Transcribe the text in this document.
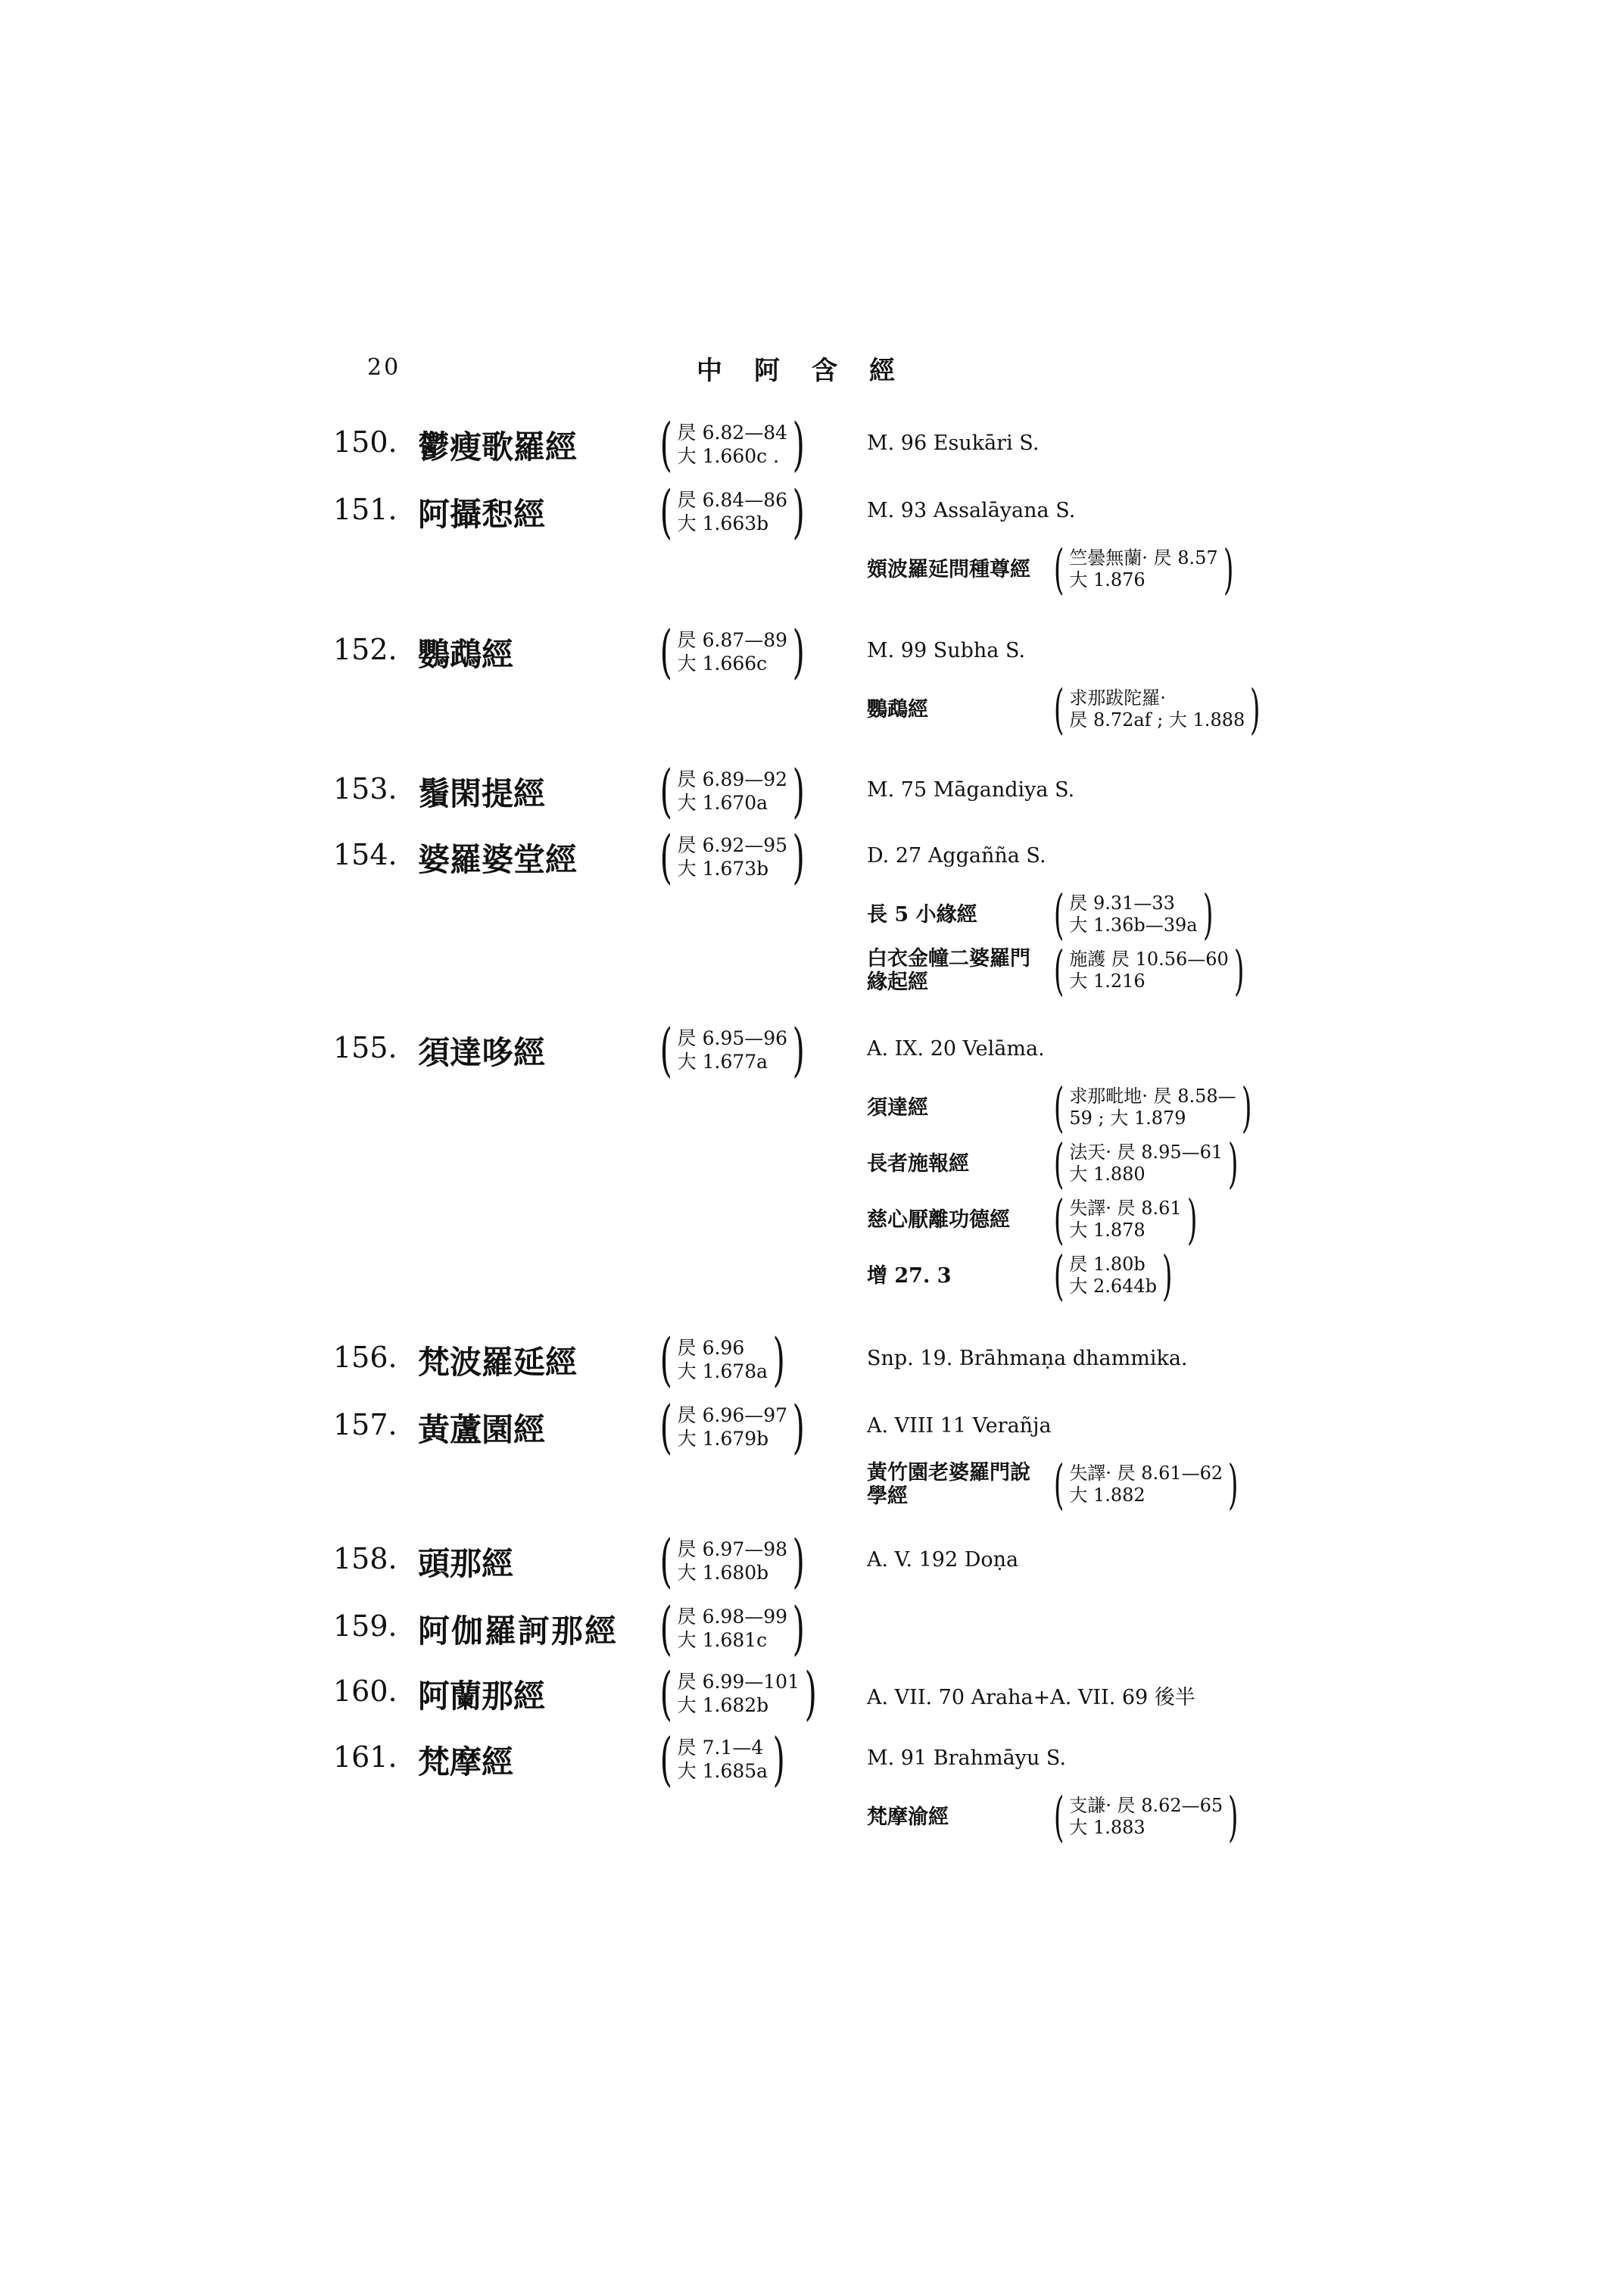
20	中阿含經
150. 鬱瘦歌羅經	( 昃 6.82—84
大 1.660c . )	M. 96 Esukāri S.
151. 阿攝惒經	( 昃 6.84—86
大 1.663b )	M. 93 Assalāyana S.
頞波羅延問種尊經 ( 竺曇無蘭· 昃 8.57
大 1.876	)
152. 鸚鵡經	( 昃 6.87—89
大 1.666c )	M. 99 Subha S.
鸚鵡經	( 求那跋陀羅·
昃 8.72af ; 大 1.888 )
153. 鬚閑提經	( 昃 6.89—92
大 1.670a )	M. 75 Māgandiya S.
154. 婆羅婆堂經	( 昃 6.92—95
大 1.673b )	D. 27 Aggañña S.
長 5 小緣經	( 昃 9.31—33
大 1.36b—39a )
白衣金幢二婆羅門緣起經	( 施護 昃 10.56—60
大 1.216	)
155. 須達哆經	( 昃 6.95—96
大 1.677a )	A. IX. 20 Velāma.
須達經	( 求那毗地· 昃 8.58—
59 ; 大 1.879	)
長者施報經	( 法天· 昃 8.95—61
大 1.880	)
慈心厭離功德經 ( 失譯· 昃 8.61
大 1.878 )
增 27. 3	( 昃 1.80b
大 2.644b )
156. 梵波羅延經	( 昃 6.96
大 1.678a )	Snp. 19. Brāhmaṇa dhammika.
157. 黃蘆園經	( 昃 6.96—97
大 1.679b )	A. VIII 11 Verañja
黃竹園老婆羅門說學經	( 失譯· 昃 8.61—62
大 1.882	)
158. 頭那經	( 昃 6.97—98
大 1.680b )	A. V. 192 Doṇa
159. 阿伽羅訶那經 ( 昃 6.98—99
大 1.681c )
160. 阿蘭那經	( 昃 6.99—101
大 1.682b ) A. VII. 70 Araha+A. VII. 69 後半
161. 梵摩經	( 昃 7.1—4
大 1.685a )	M. 91 Brahmāyu S.
梵摩渝經	( 支謙· 昃 8.62—65
大 1.883	)
